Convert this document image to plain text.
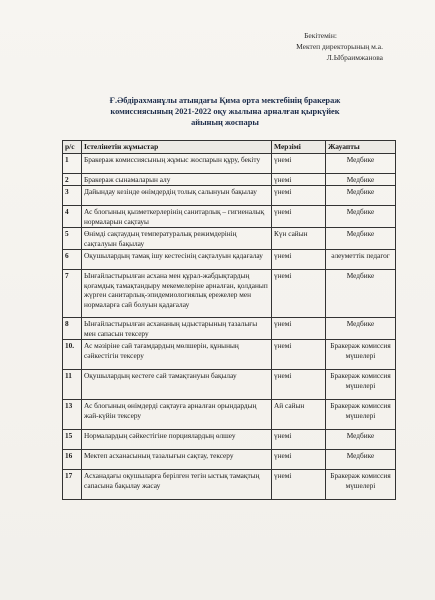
Бекітемін:
Мектеп директорының м.а.
Л.Ыбраимжанова
Ғ.Әбдірахманұлы атындағы Қима орта мектебінің бракераж
комиссиясының 2021-2022 оқу жылына арналған қыркүйек
айының жоспары
р/с	Істелінетін жұмыстар	Мерзімі	Жауапты
1	Бракераж комиссиясының жұмыс жоспарын құру, бекіту	үнемі	Медбике
2	Бракераж сынамаларын алу	үнемі	Медбике
3	Дайындау кезінде өнімдердің толық салынуын бақылау	үнемі	Медбике
4	Ас блогының қызметкерлерінің санитарлық – гигиеналық нормаларын сақтауы	үнемі	Медбике
5	Өнімді сақтаудың температуралық режимдерінің сақталуын бақылау	Күн сайын	Медбике
6	Оқушылардың тамақ ішу кестесінің сақталуын қадағалау	үнемі	әлеуметтік педагог
7	Ынғайластырылған асхана мен құрал-жабдықтардың қоғамдық тамақтандыру мекемелеріне арналған, қолданып жүрген санитарлық-эпидемиологиялық ережелер мен нормаларға сай болуын қадағалау	үнемі	Медбике
8	Ынғайластырылған асхананың ыдыстарының тазалығы мен сапасын тексеру	үнемі	Медбике
10.	Ас мәзірінe сай тағамдардың мөлшерін, құнының сәйкестігін тексеру	үнемі	Бракераж комиссия мүшелері
11	Оқушылардың кестеге сай тамақтануын бақылау	үнемі	Бракераж комиссия мүшелері
13	Ас блогының өнімдерді сақтауға арналған орындардың жай-күйін тексеру	Ай сайын	Бракераж комиссия мүшелері
15	Нормалардың сәйкестігіне порциялардың өлшеу	үнемі	Медбике
16	Мектеп асханасының тазалығын сақтау, тексеру	үнемі	Медбике
17	Асханадағы оқушыларға берілген тегін ыстық тамақтың сапасына бақылау жасау	үнемі	Бракераж комиссия мүшелері
